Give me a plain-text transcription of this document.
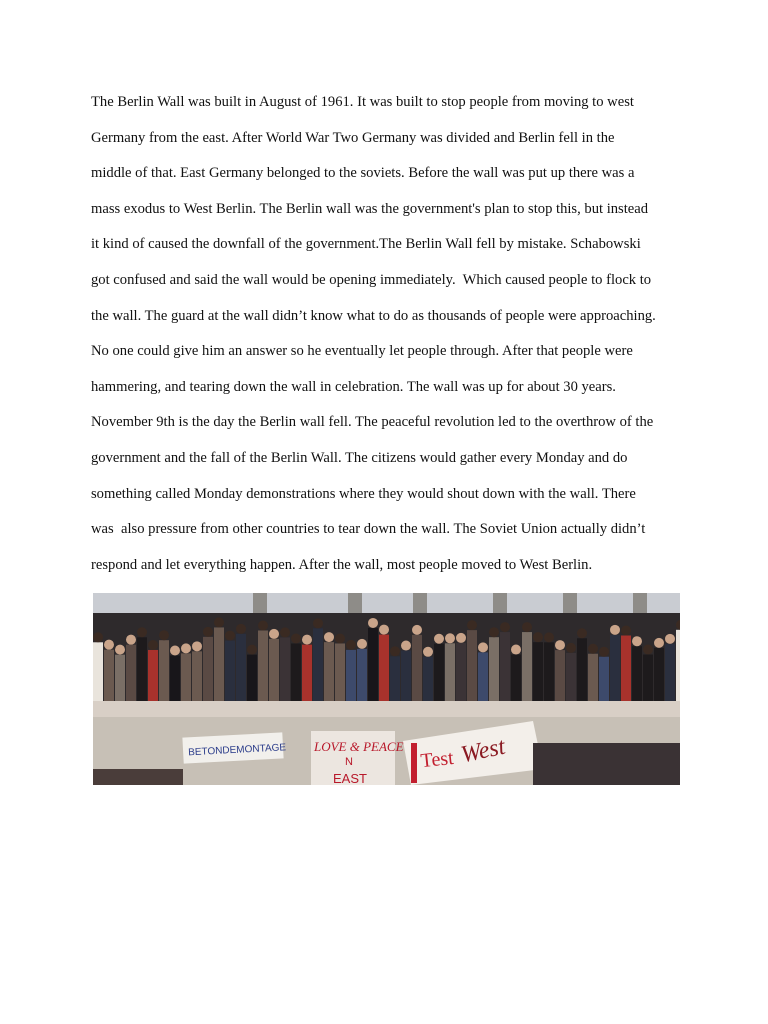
The Berlin Wall was built in August of 1961. It was built to stop people from moving to west
Germany from the east. After World War Two Germany was divided and Berlin fell in the
middle of that. East Germany belonged to the soviets. Before the wall was put up there was a
mass exodus to West Berlin. The Berlin wall was the government's plan to stop this, but instead
it kind of caused the downfall of the government.The Berlin Wall fell by mistake. Schabowski
got confused and said the wall would be opening immediately.  Which caused people to flock to
the wall. The guard at the wall didn’t know what to do as thousands of people were approaching.
No one could give him an answer so he eventually let people through. After that people were
hammering, and tearing down the wall in celebration. The wall was up for about 30 years.
November 9th is the day the Berlin wall fell. The peaceful revolution led to the overthrow of the
government and the fall of the Berlin Wall. The citizens would gather every Monday and do
something called Monday demonstrations where they would shout down with the wall. There
was  also pressure from other countries to tear down the wall. The Soviet Union actually didn’t
respond and let everything happen. After the wall, most people moved to West Berlin.
BETONDEMONTAGE LOVE & PEACE
N
EAST
Test West
